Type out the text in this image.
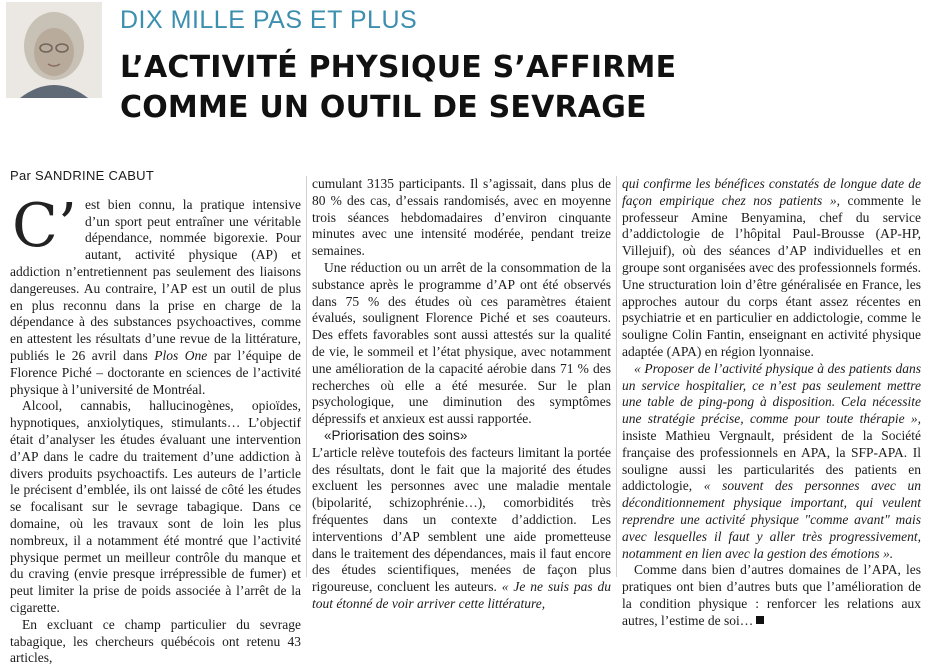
DIX MILLE PAS ET PLUS
L’ACTIVITÉ PHYSIQUE S’AFFIRME
COMME UN OUTIL DE SEVRAGE
Par SANDRINE CABUT

C’ est bien connu, la pratique intensive d’un sport peut entraîner une véritable dépendance, nommée bigorexie. Pour autant, activité physique (AP) et addiction n’entretiennent pas seulement des liaisons dangereuses. Au contraire, l’AP est un outil de plus en plus reconnu dans la prise en charge de la dépendance à des substances psychoactives, comme en attestent les résultats d’une revue de la littérature, publiés le 26 avril dans Plos One par l’équipe de Florence Piché – doctorante en sciences de l’activité physique à l’université de Montréal.

Alcool, cannabis, hallucinogènes, opioïdes, hypnotiques, anxiolytiques, stimulants… L’objectif était d’analyser les études évaluant une intervention d’AP dans le cadre du traitement d’une addiction à divers produits psychoactifs. Les auteurs de l’article le précisent d’emblée, ils ont laissé de côté les études se focalisant sur le sevrage tabagique. Dans ce domaine, où les travaux sont de loin les plus nombreux, il a notamment été montré que l’activité physique permet un meilleur contrôle du manque et du craving (envie presque irrépressible de fumer) et peut limiter la prise de poids associée à l’arrêt de la cigarette.

En excluant ce champ particulier du sevrage tabagique, les chercheurs québécois ont retenu 43 articles,

cumulant 3135 participants. Il s’agissait, dans plus de 80 % des cas, d’essais randomisés, avec en moyenne trois séances hebdomadaires d’environ cinquante minutes avec une intensité modérée, pendant treize semaines.

Une réduction ou un arrêt de la consommation de la substance après le programme d’AP ont été observés dans 75 % des études où ces paramètres étaient évalués, soulignent Florence Piché et ses coauteurs. Des effets favorables sont aussi attestés sur la qualité de vie, le sommeil et l’état physique, avec notamment une amélioration de la capacité aérobie dans 71 % des recherches où elle a été mesurée. Sur le plan psychologique, une diminution des symptômes dépressifs et anxieux est aussi rapportée.

«Priorisation des soins»

L’article relève toutefois des facteurs limitant la portée des résultats, dont le fait que la majorité des études excluent les personnes avec une maladie mentale (bipolarité, schizophrénie…), comorbidités très fréquentes dans un contexte d’addiction. Les interventions d’AP semblent une aide prometteuse dans le traitement des dépendances, mais il faut encore des études scientifiques, menées de façon plus rigoureuse, concluent les auteurs. « Je ne suis pas du tout étonné de voir arriver cette littérature,

qui confirme les bénéfices constatés de longue date de façon empirique chez nos patients », commente le professeur Amine Benyamina, chef du service d’addictologie de l’hôpital Paul-Brousse (AP-HP, Villejuif), où des séances d’AP individuelles et en groupe sont organisées avec des professionnels formés. Une structuration loin d’être généralisée en France, les approches autour du corps étant assez récentes en psychiatrie et en particulier en addictologie, comme le souligne Colin Fantin, enseignant en activité physique adaptée (APA) en région lyonnaise.

« Proposer de l’activité physique à des patients dans un service hospitalier, ce n’est pas seulement mettre une table de ping-pong à disposition. Cela nécessite une stratégie précise, comme pour toute thérapie », insiste Mathieu Vergnault, président de la Société française des professionnels en APA, la SFP-APA. Il souligne aussi les particularités des patients en addictologie, « souvent des personnes avec un déconditionnement physique important, qui veulent reprendre une activité physique "comme avant" mais avec lesquelles il faut y aller très progressivement, notamment en lien avec la gestion des émotions ».

Comme dans bien d’autres domaines de l’APA, les pratiques ont bien d’autres buts que l’amélioration de la condition physique : renforcer les relations aux autres, l’estime de soi…
